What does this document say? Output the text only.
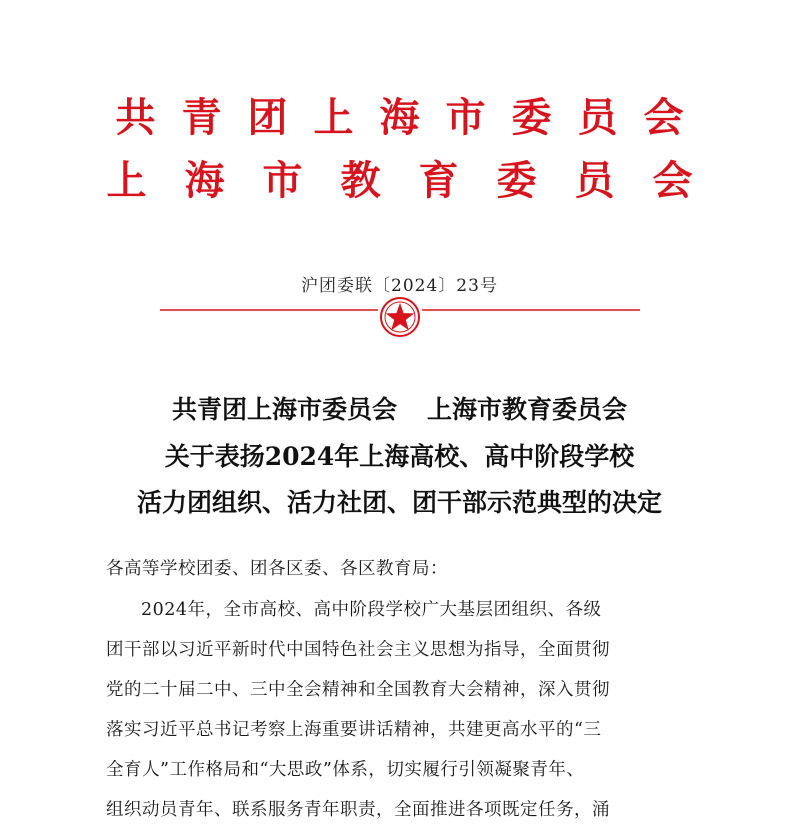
共青团上海市委员会
上海市教育委员会
沪团委联〔2024〕23号
共青团上海市委员会 上海市教育委员会
关于表扬2024年上海高校、高中阶段学校
活力团组织、活力社团、团干部示范典型的决定
各高等学校团委、团各区委、各区教育局：
2024年，全市高校、高中阶段学校广大基层团组织、各级
团干部以习近平新时代中国特色社会主义思想为指导，全面贯彻
党的二十届二中、三中全会精神和全国教育大会精神，深入贯彻
落实习近平总书记考察上海重要讲话精神，共建更高水平的“三
全育人”工作格局和“大思政”体系，切实履行引领凝聚青年、
组织动员青年、联系服务青年职责，全面推进各项既定任务，涌
